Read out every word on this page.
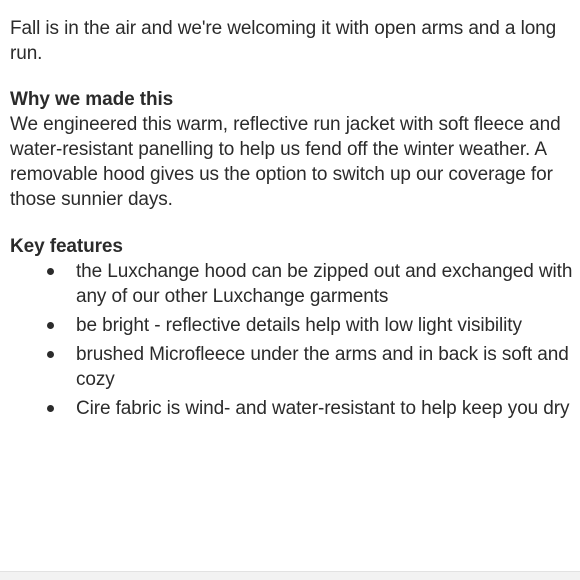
Fall is in the air and we're welcoming it with open arms and a long run.

Why we made this

We engineered this warm, reflective run jacket with soft fleece and water-resistant panelling to help us fend off the winter weather. A removable hood gives us the option to switch up our coverage for those sunnier days.

Key features

the Luxchange hood can be zipped out and exchanged with any of our other Luxchange garments
be bright - reflective details help with low light visibility
brushed Microfleece under the arms and in back is soft and cozy
Cire fabric is wind- and water-resistant to help keep you dry
